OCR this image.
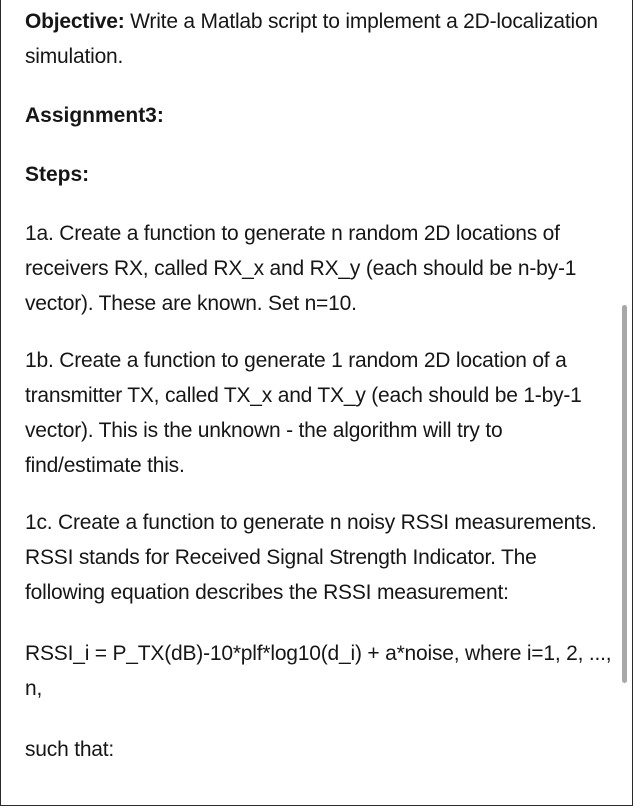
Objective: Write a Matlab script to implement a 2D-localization simulation.

Assignment3:

Steps:

1a. Create a function to generate n random 2D locations of receivers RX, called RX_x and RX_y (each should be n-by-1 vector). These are known. Set n=10.

1b. Create a function to generate 1 random 2D location of a transmitter TX, called TX_x and TX_y (each should be 1-by-1 vector). This is the unknown - the algorithm will try to find/estimate this.

1c. Create a function to generate n noisy RSSI measurements. RSSI stands for Received Signal Strength Indicator. The following equation describes the RSSI measurement:

RSSI_i = P_TX(dB)-10*plf*log10(d_i) + a*noise, where i=1, 2, ..., n,

such that:
